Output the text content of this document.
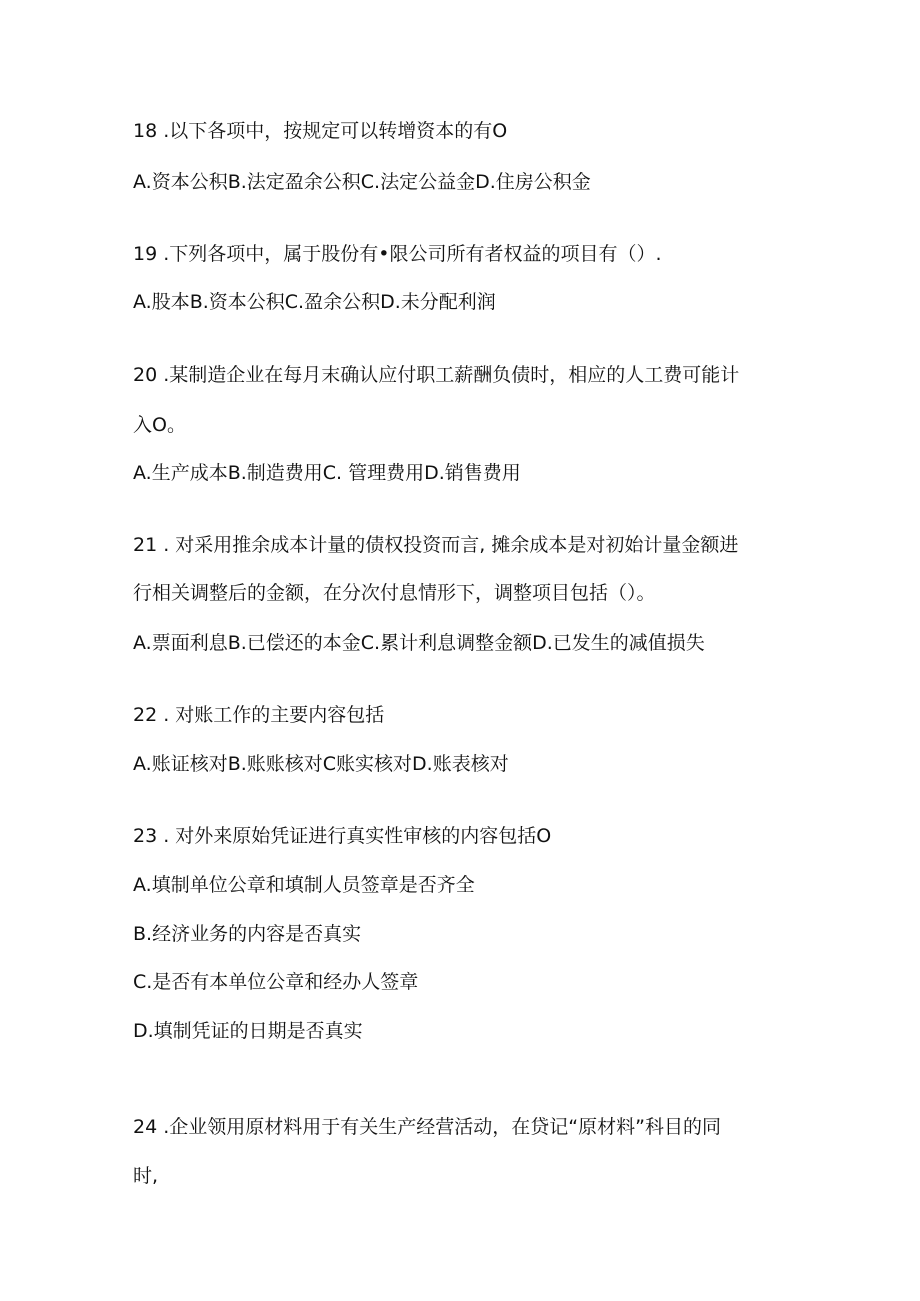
18 .以下各项中，按规定可以转增资本的有O
A.资本公积B.法定盈余公积C.法定公益金D.住房公积金
19 .下列各项中，属于股份有•限公司所有者权益的项目有（）.
A.股本B.资本公积C.盈余公积D.未分配利润
20 .某制造企业在每月末确认应付职工薪酬负债时，相应的人工费可能计
入O。
A.生产成本B.制造费用C. 管理费用D.销售费用
21 . 对采用推余成本计量的债权投资而言, 摊余成本是对初始计量金额进
行相关调整后的金额，在分次付息情形下，调整项目包括（）。
A.票面利息B.已偿还的本金C.累计利息调整金额D.已发生的减值损失
22 . 对账工作的主要内容包括
A.账证核对B.账账核对C账实核对D.账表核对
23 . 对外来原始凭证进行真实性审核的内容包括O
A.填制单位公章和填制人员签章是否齐全
B.经济业务的内容是否真实
C.是否有本单位公章和经办人签章
D.填制凭证的日期是否真实
24 .企业领用原材料用于有关生产经营活动，在贷记“原材料”科目的同
时,
